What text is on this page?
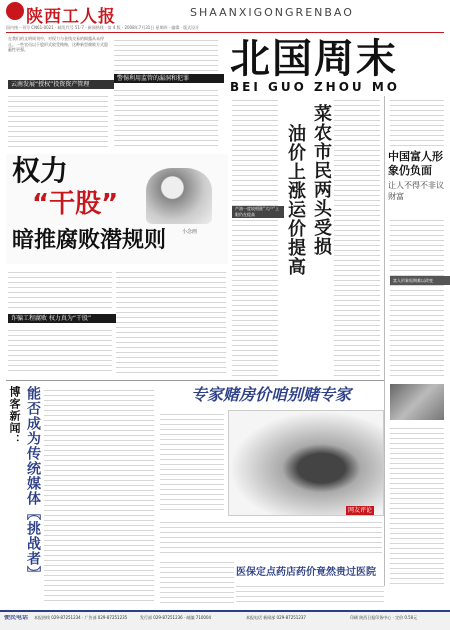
陕西工人报	SHAANXIGONGRENBAO
国内统一刊号 CN61-0021 · 邮发代号 51-7 · 新闻热线 · 第 4 版 · 2008年7月31日 星期四 · 编辑 · 版式设计
北国周末
BEI GUO ZHOU MO
在我们的文明周刊中，对权力与金钱交易的揭露从未停止。一些官员以干股形式收受贿赂，这种新型腐败方式隐蔽性更强。
云南发展“授权”投资资产管理
警惕利用监管的漏洞和犯罪
权力
“干股”
暗推腐败潜规则	小念画
诈骗工程腐败 权力真为“干股”
产油一度较相涨“大户”上限仍在提高	菜农市民两头受损
油价上涨运价提高	中国富人形象仍负面
让人不得不非议财富
富人形象短期难以改变
博客新闻： 能否成为传统媒体〖挑战者〗	专家赌房价咱别赌专家
网友评论
医保定点药店药价竟然贵过医院
便民电话 本报热线 029-87251234 · 广告部 029-87251235	发行部 029-87251236 · 邮编 710004	本报电话 新闻部 029-87251237	印刷 陕西日报印务中心 · 定价 0.50元
